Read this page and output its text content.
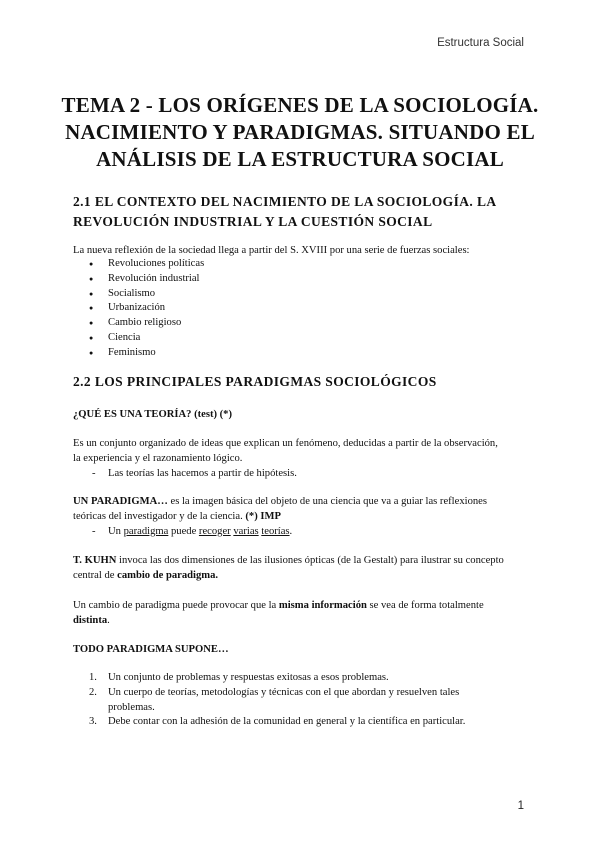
Estructura Social
TEMA 2 - LOS ORÍGENES DE LA SOCIOLOGÍA.
NACIMIENTO Y PARADIGMAS. SITUANDO EL
ANÁLISIS DE LA ESTRUCTURA SOCIAL
2.1 EL CONTEXTO DEL NACIMIENTO DE LA SOCIOLOGÍA. LA
REVOLUCIÓN INDUSTRIAL Y LA CUESTIÓN SOCIAL
La nueva reflexión de la sociedad llega a partir del S. XVIII por una serie de fuerzas sociales:
● Revoluciones políticas
● Revolución industrial
● Socialismo
● Urbanización
● Cambio religioso
● Ciencia
● Feminismo
2.2 LOS PRINCIPALES PARADIGMAS SOCIOLÓGICOS
¿QUÉ ES UNA TEORÍA? (test) (*)
Es un conjunto organizado de ideas que explican un fenómeno, deducidas a partir de la observación,
la experiencia y el razonamiento lógico.
- Las teorías las hacemos a partir de hipótesis.
UN PARADIGMA… es la imagen básica del objeto de una ciencia que va a guiar las reflexiones
teóricas del investigador y de la ciencia. (*) IMP
- Un paradigma puede recoger varias teorías.
T. KUHN invoca las dos dimensiones de las ilusiones ópticas (de la Gestalt) para ilustrar su concepto
central de cambio de paradigma.
Un cambio de paradigma puede provocar que la misma información se vea de forma totalmente
distinta.
TODO PARADIGMA SUPONE…
1. Un conjunto de problemas y respuestas exitosas a esos problemas.
2. Un cuerpo de teorías, metodologías y técnicas con el que abordan y resuelven tales
problemas.
3. Debe contar con la adhesión de la comunidad en general y la científica en particular.
1
